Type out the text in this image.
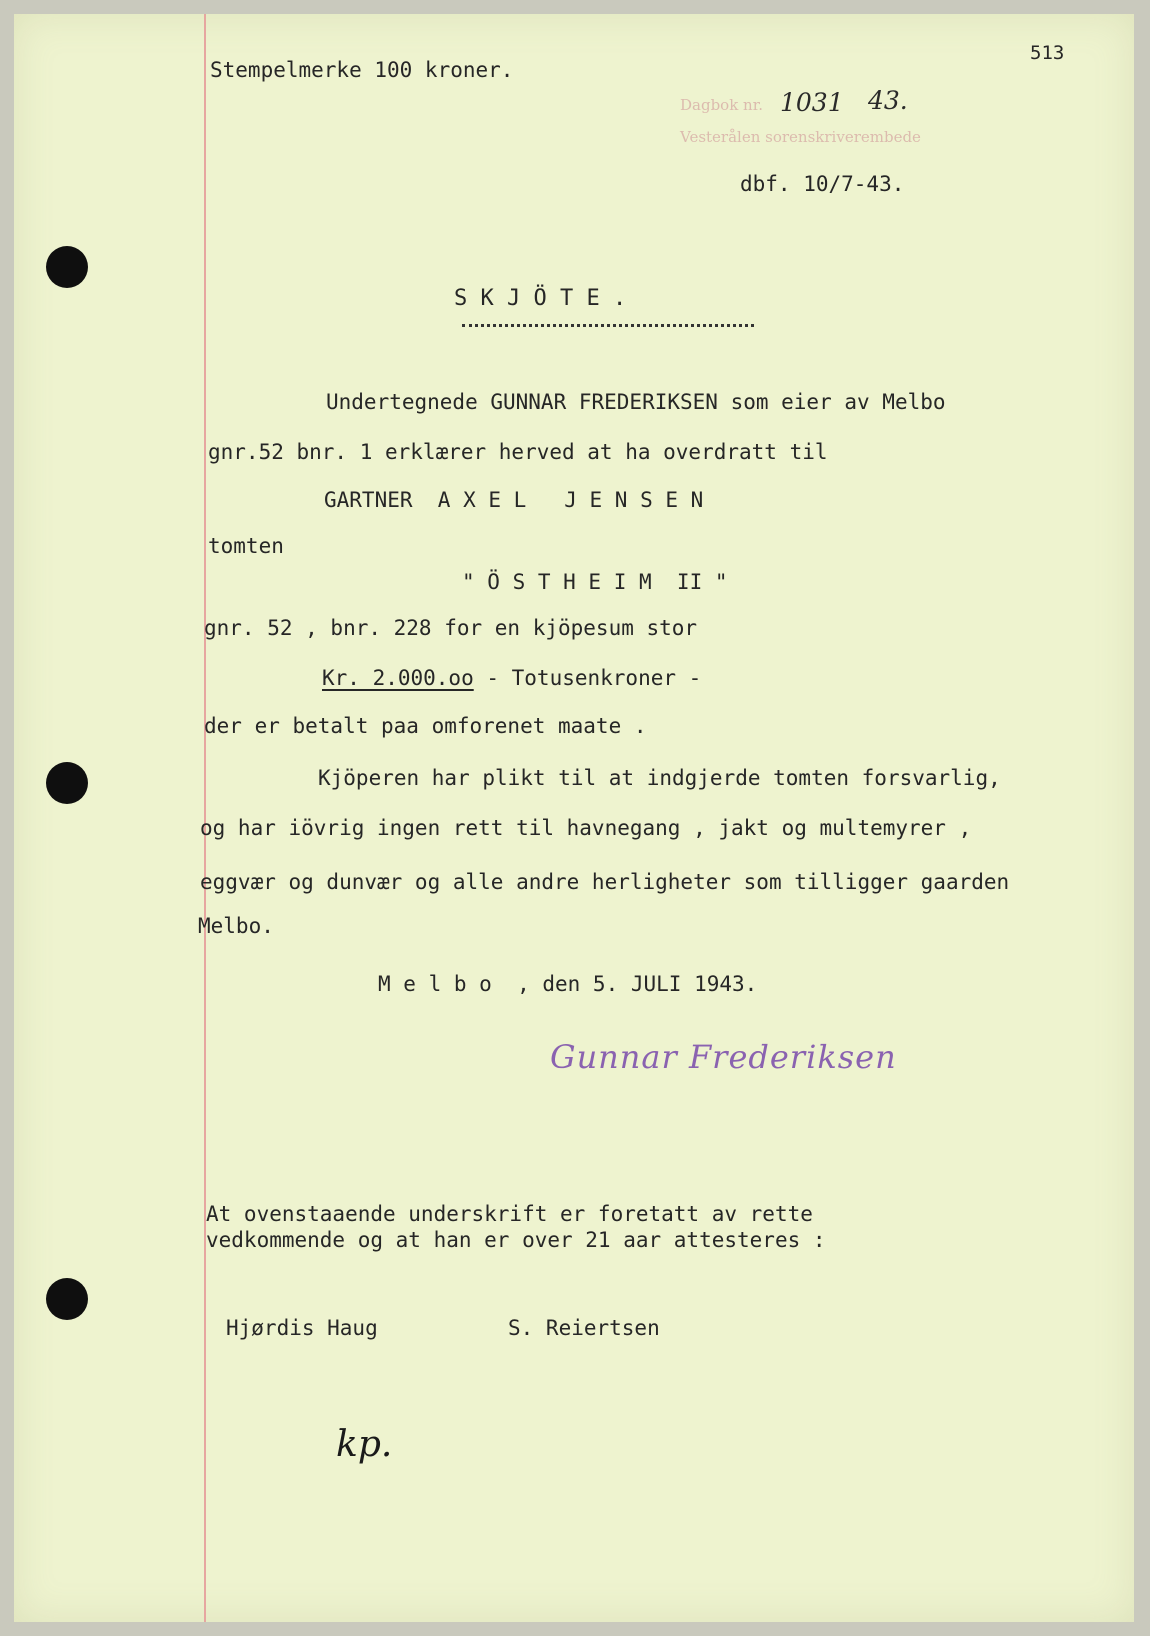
513
Stempelmerke 100 kroner.
Dagbok nr. 1031 43.
Vesterålen sorenskriverembede
dbf. 10/7-43.
S K J Ö T E .
Undertegnede GUNNAR FREDERIKSEN som eier av Melbo
gnr.52 bnr. 1 erklærer herved at ha overdratt til
GARTNER  A X E L   J E N S E N
tomten
" Ö S T H E I M  II "
gnr. 52 , bnr. 228 for en kjöpesum stor
Kr. 2.000.oo - Totusenkroner -
der er betalt paa omforenet maate .
Kjöperen har plikt til at indgjerde tomten forsvarlig,
og har iövrig ingen rett til havnegang , jakt og multemyrer ,
eggvær og dunvær og alle andre herligheter som tilligger gaarden
Melbo.
M e l b o  , den 5. JULI 1943.
Gunnar Frederiksen
At ovenstaaende underskrift er foretatt av rette
vedkommende og at han er over 21 aar attesteres :
Hjørdis Haug	S. Reiertsen
kp.
